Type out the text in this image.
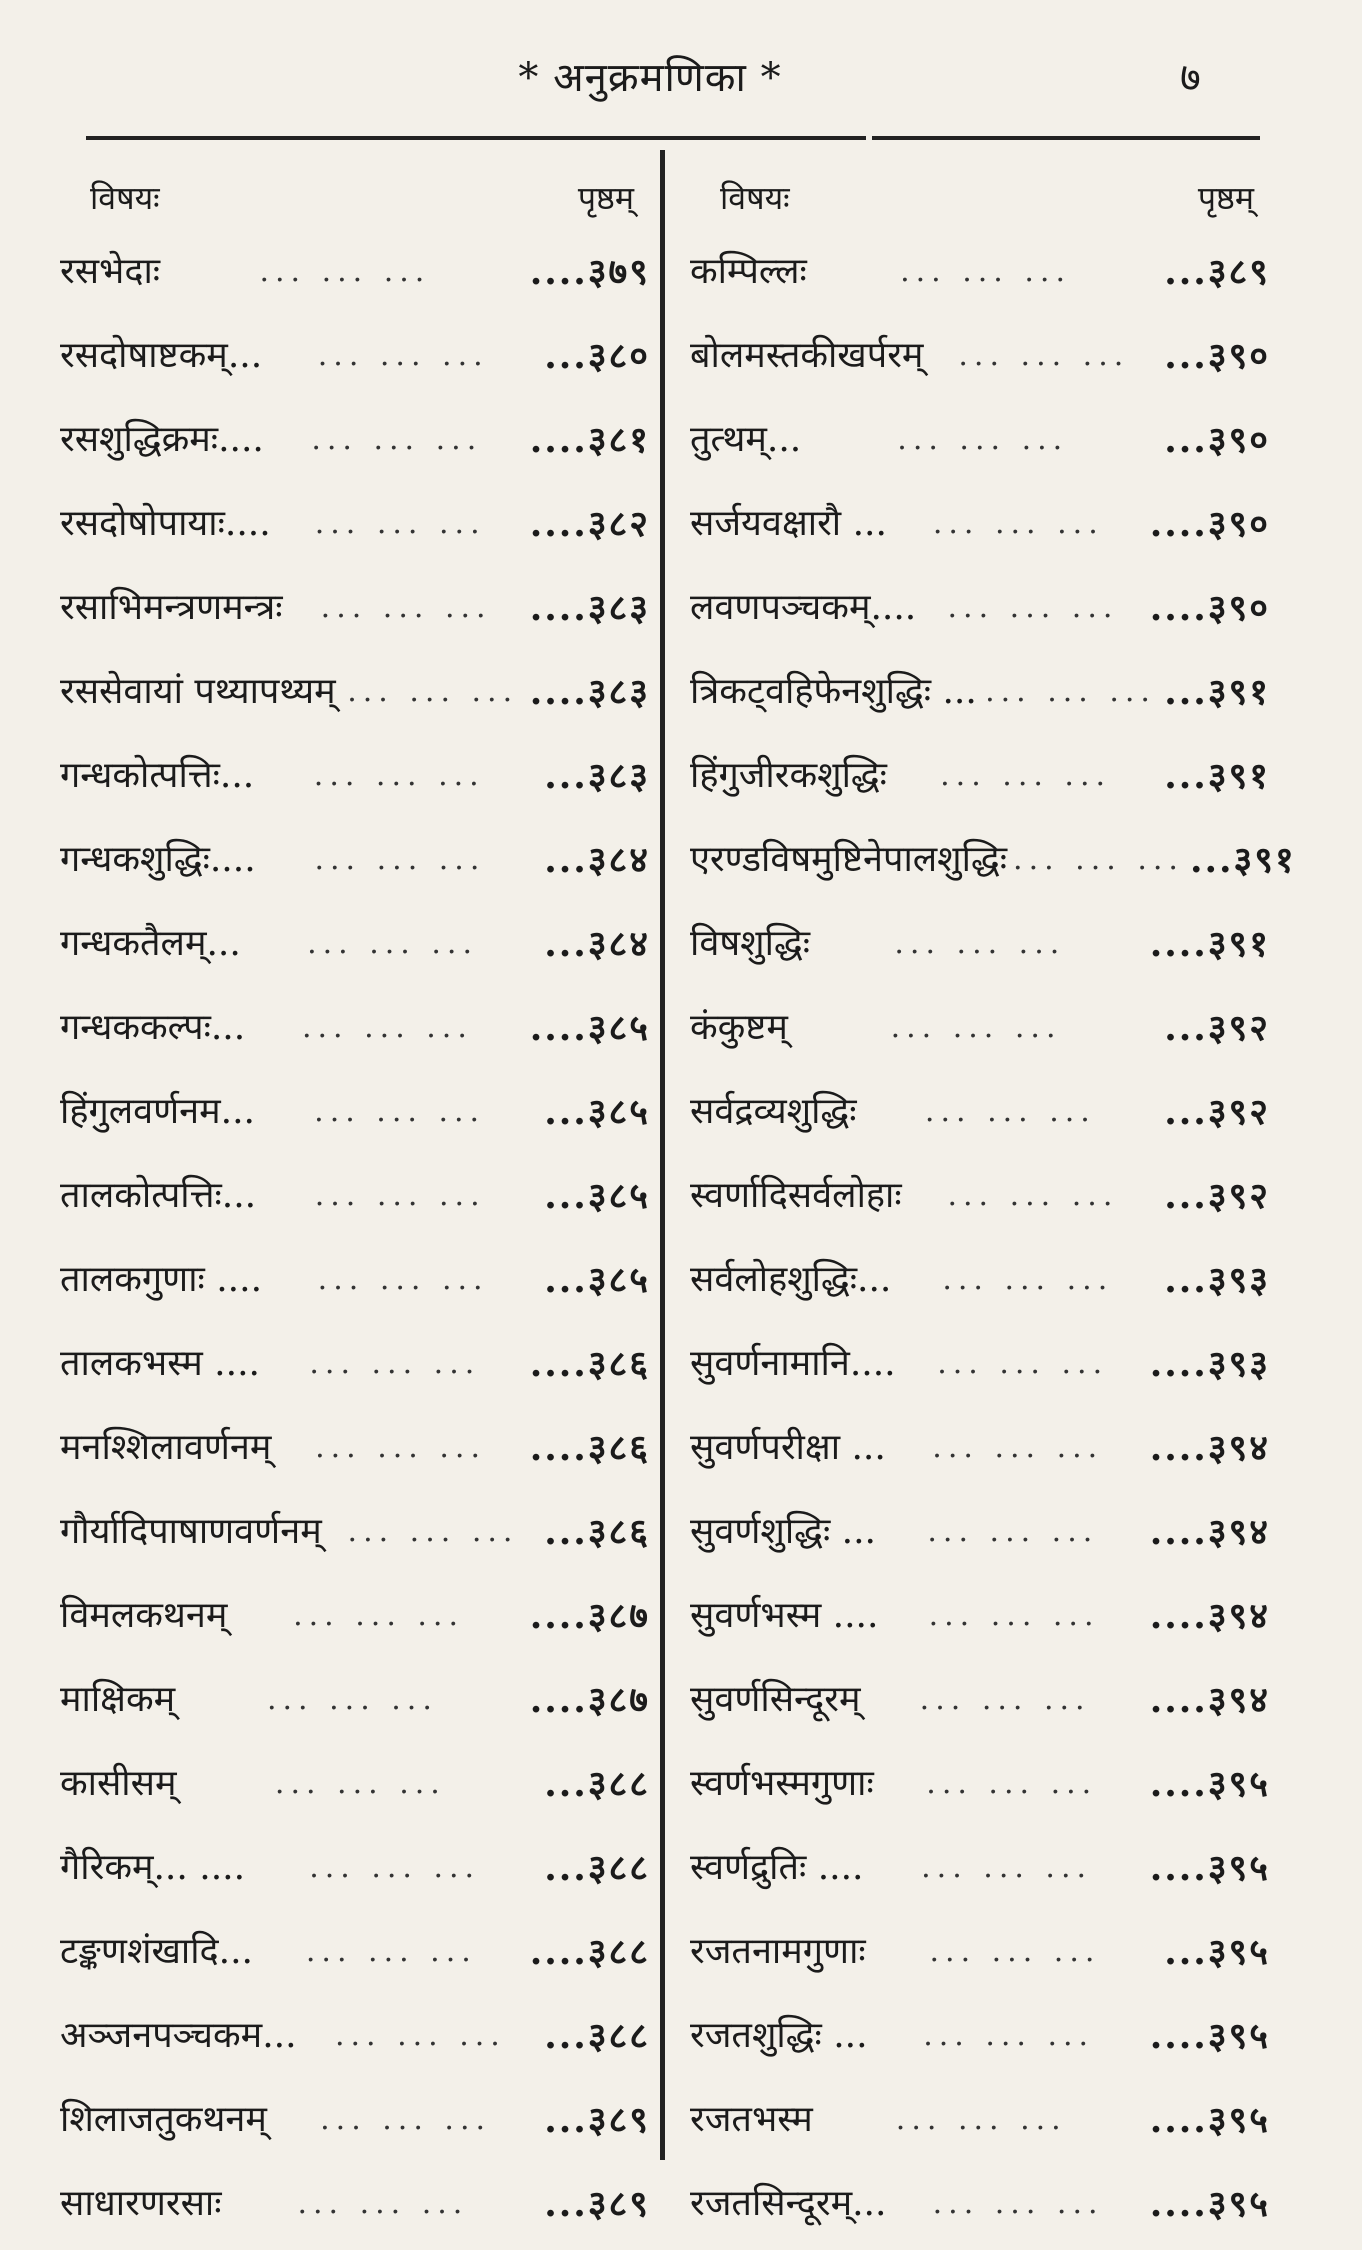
* अनुक्रमणिका *	७
विषयः	पृष्ठम्
रसभेदाः	... ... ...	....३७९
रसदोषाष्टकम्...	... ... ...	...३८०
रसशुद्धिक्रमः....	... ... ...	....३८१
रसदोषोपायाः....	... ... ...	....३८२
रसाभिमन्त्रणमन्त्रः	... ... ...	....३८३
रससेवायां पथ्यापथ्यम् ... ... ... ....३८३
गन्धकोत्पत्तिः...	... ... ...	...३८३
गन्धकशुद्धिः....	... ... ...	...३८४
गन्धकतैलम्...	... ... ...	...३८४
गन्धककल्पः...	... ... ...	....३८५
हिंगुलवर्णनम...	... ... ...	...३८५
तालकोत्पत्तिः...	... ... ...	...३८५
तालकगुणाः ....	... ... ...	...३८५
तालकभस्म ....	... ... ...	....३८६
मनश्शिलावर्णनम्	... ... ...	....३८६
गौर्यादिपाषाणवर्णनम् ... ... ... ...३८६
विमलकथनम्	... ... ...	....३८७
माक्षिकम्	... ... ...	....३८७
कासीसम्	... ... ...	...३८८
गैरिकम्... ....	... ... ...	...३८८
टङ्कणशंखादि...	... ... ...	....३८८
अञ्जनपञ्चकम...	... ... ...	...३८८
शिलाजतुकथनम्	... ... ...	...३८९
साधारणरसाः	... ... ...	...३८९
विषयः	पृष्ठम्
कम्पिल्लः	... ... ...	...३८९
बोलमस्तकीखर्परम्	... ... ... ...३९०
तुत्थम्...	... ... ...	...३९०
सर्जयवक्षारौ ...	... ... ...	....३९०
लवणपञ्चकम्....	... ... ... ....३९०
त्रिकट्वहिफेनशुद्धिः ... ... ... ... ...३९१
हिंगुजीरकशुद्धिः	... ... ...	...३९१
एरण्डविषमुष्टिनेपालशुद्धिः ... ... ... ...३९१
विषशुद्धिः	... ... ...	....३९१
कंकुष्टम्	... ... ...	...३९२
सर्वद्रव्यशुद्धिः	... ... ...	...३९२
स्वर्णादिसर्वलोहाः	... ... ...	...३९२
सर्वलोहशुद्धिः...	... ... ...	...३९३
सुवर्णनामानि....	... ... ...	....३९३
सुवर्णपरीक्षा ...	... ... ...	....३९४
सुवर्णशुद्धिः ...	... ... ...	....३९४
सुवर्णभस्म ....	... ... ...	....३९४
सुवर्णसिन्दूरम्	... ... ...	....३९४
स्वर्णभस्मगुणाः	... ... ...	....३९५
स्वर्णद्रुतिः ....	... ... ...	....३९५
रजतनामगुणाः	... ... ...	...३९५
रजतशुद्धिः ...	... ... ...	....३९५
रजतभस्म	... ... ...	....३९५
रजतसिन्दूरम्...	... ... ...	....३९५
